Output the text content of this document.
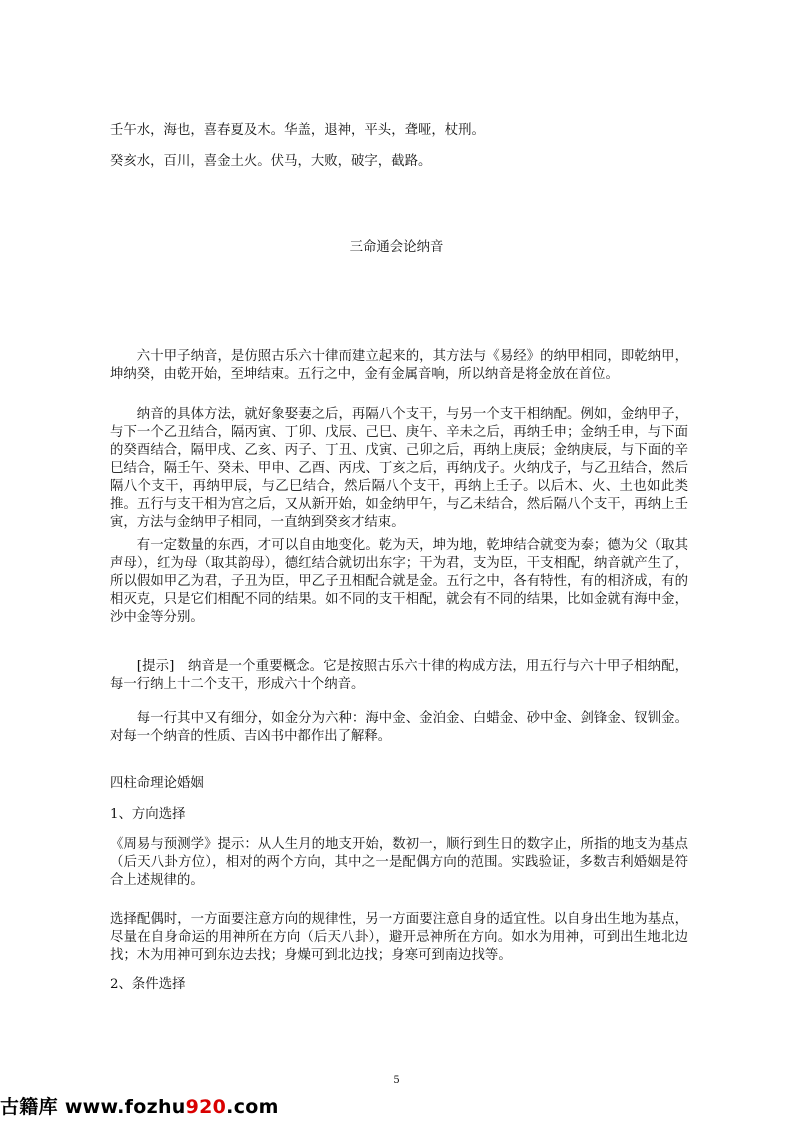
壬午水，海也，喜春夏及木。华盖，退神，平头，聋哑，杖刑。
癸亥水，百川，喜金土火。伏马，大败，破字，截路。
三命通会论纳音
六十甲子纳音，是仿照古乐六十律而建立起来的，其方法与《易经》的纳甲相同，即乾纳甲，坤纳癸，由乾开始，至坤结束。五行之中，金有金属音响，所以纳音是将金放在首位。
纳音的具体方法，就好象娶妻之后，再隔八个支干，与另一个支干相纳配。例如，金纳甲子，与下一个乙丑结合，隔丙寅、丁卯、戊辰、己巳、庚午、辛未之后，再纳壬申；金纳壬申，与下面的癸酉结合，隔甲戌、乙亥、丙子、丁丑、戊寅、己卯之后，再纳上庚辰；金纳庚辰，与下面的辛巳结合，隔壬午、癸未、甲申、乙酉、丙戌、丁亥之后，再纳戊子。火纳戊子，与乙丑结合，然后隔八个支干，再纳甲辰，与乙巳结合，然后隔八个支干，再纳上壬子。以后木、火、土也如此类推。五行与支干相为宫之后，又从新开始，如金纳甲午，与乙未结合，然后隔八个支干，再纳上壬寅，方法与金纳甲子相同，一直纳到癸亥才结束。
有一定数量的东西，才可以自由地变化。乾为天，坤为地，乾坤结合就变为泰；德为父（取其声母），红为母（取其韵母），德红结合就切出东字；干为君，支为臣，干支相配，纳音就产生了，所以假如甲乙为君，子丑为臣，甲乙子丑相配合就是金。五行之中，各有特性，有的相济成，有的相灭克，只是它们相配不同的结果。如不同的支干相配，就会有不同的结果，比如金就有海中金，沙中金等分别。
[提示]　纳音是一个重要概念。它是按照古乐六十律的构成方法，用五行与六十甲子相纳配，每一行纳上十二个支干，形成六十个纳音。
每一行其中又有细分，如金分为六种：海中金、金泊金、白蜡金、砂中金、剑锋金、钗钏金。对每一个纳音的性质、吉凶书中都作出了解释。
四柱命理论婚姻
1、方向选择
《周易与预测学》提示：从人生月的地支开始，数初一，顺行到生日的数字止，所指的地支为基点（后天八卦方位），相对的两个方向，其中之一是配偶方向的范围。实践验证，多数吉利婚姻是符合上述规律的。
选择配偶时，一方面要注意方向的规律性，另一方面要注意自身的适宜性。以自身出生地为基点，尽量在自身命运的用神所在方向（后天八卦），避开忌神所在方向。如水为用神，可到出生地北边找；木为用神可到东边去找；身燥可到北边找；身寒可到南边找等。
2、条件选择
5
古籍库 www.fozhu920.com
